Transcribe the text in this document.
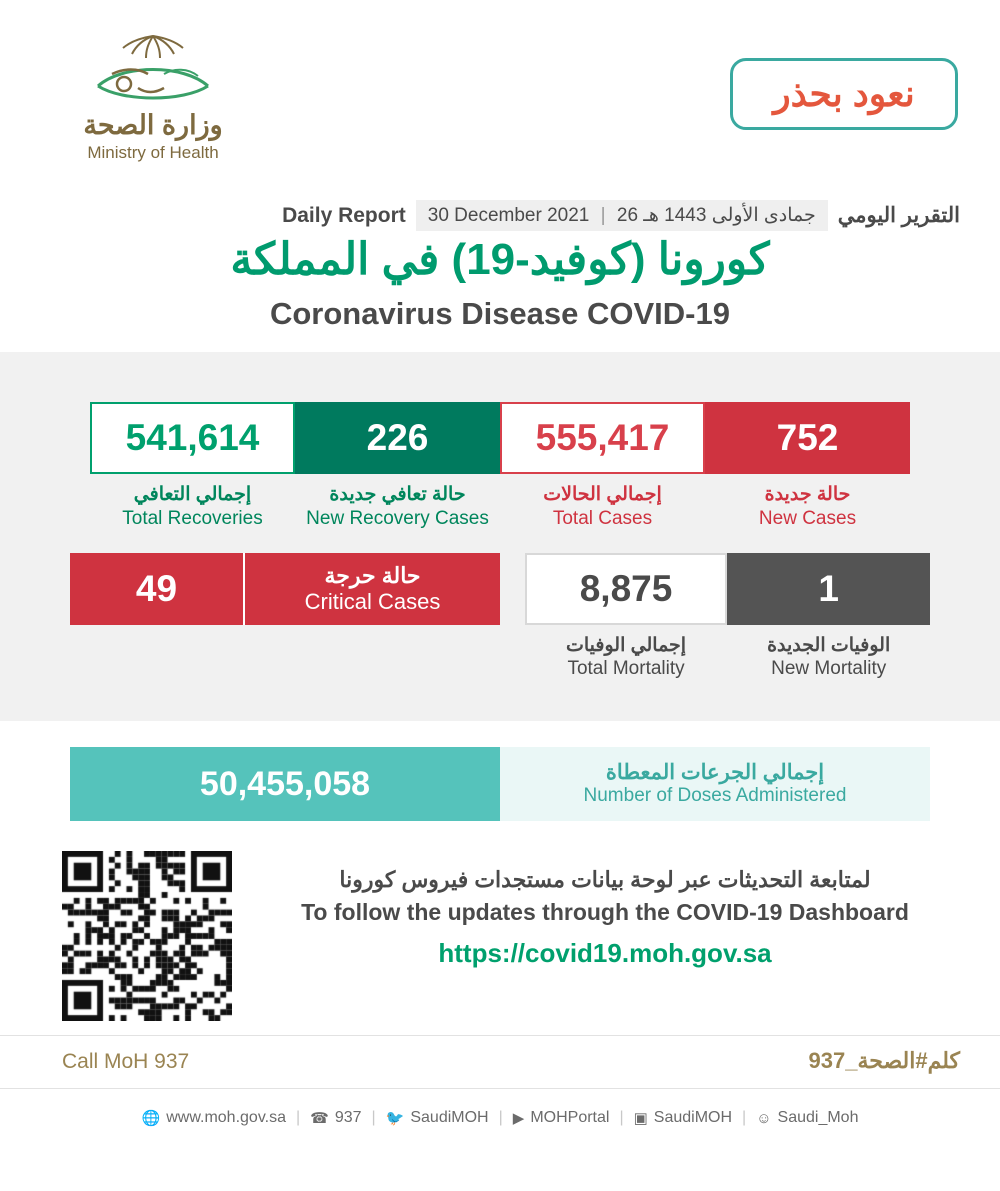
وزارة الصحة
Ministry of Health
نعود بحذر
Daily Report	30 December 2021 | 26 جمادى الأولى 1443 هـ	التقرير اليومي
كورونا (كوفيد-19) في المملكة
Coronavirus Disease COVID-19
541,614
إجمالي التعافي
Total Recoveries
226
حالة تعافي جديدة
New Recovery Cases
555,417
إجمالي الحالات
Total Cases
752
حالة جديدة
New Cases
49	حالة حرجة
Critical Cases	8,875
إجمالي الوفيات
Total Mortality
1
الوفيات الجديدة
New Mortality
50,455,058	إجمالي الجرعات المعطاة
Number of Doses Administered
لمتابعة التحديثات عبر لوحة بيانات مستجدات فيروس كورونا
To follow the updates through the COVID-19 Dashboard
https://covid19.moh.gov.sa
Call MoH 937	كلم#الصحة_937
🌐 www.moh.gov.sa | ☎ 937 | 🐦 SaudiMOH | ▶ MOHPortal | ▣ SaudiMOH | ☺ Saudi_Moh
